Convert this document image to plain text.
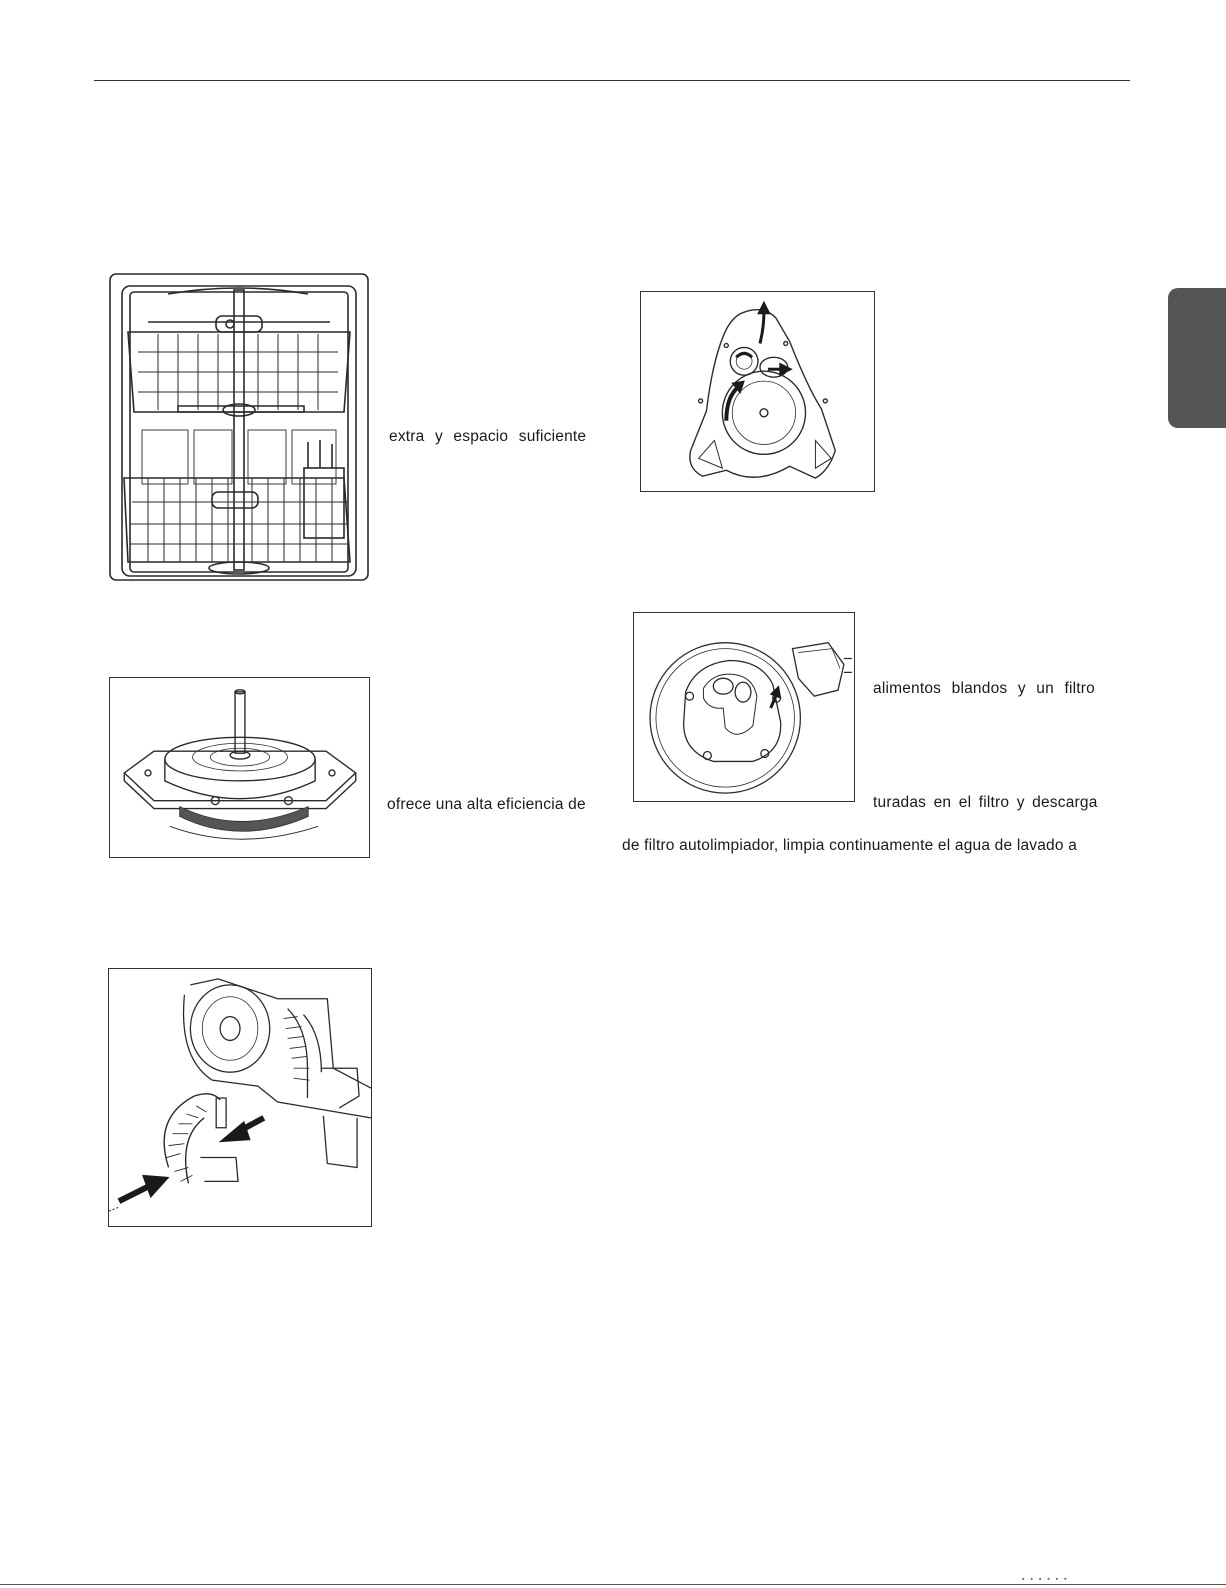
extra y espacio suficiente
ofrece una alta eficiencia de
alimentos blandos y un filtro
turadas en el filtro y descarga
de filtro autolimpiador, limpia continuamente el agua de lavado a
▪ ▪ ▪ ▪ ▪ ▪
